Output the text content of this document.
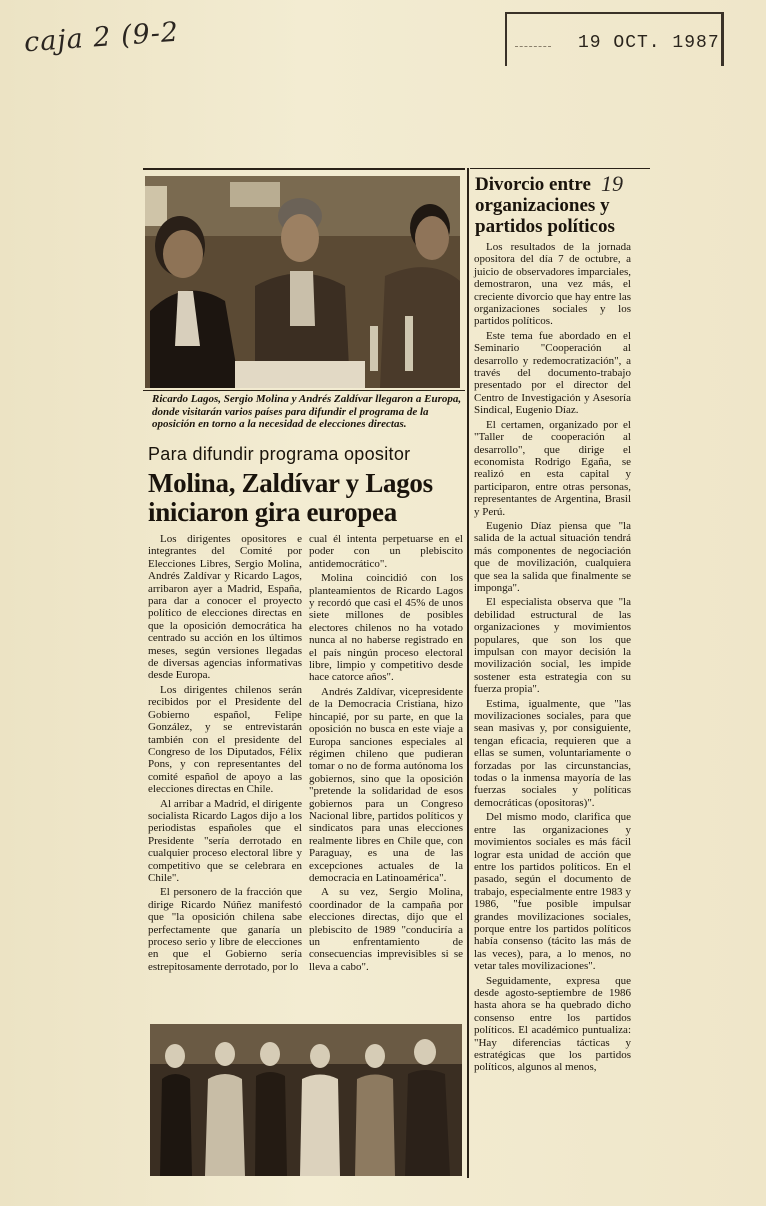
caja 2 (9-2	19 OCT. 1987
Ricardo Lagos, Sergio Molina y Andrés Zaldívar llegaron a Europa, donde visitarán varios países para difundir el programa de la oposición en torno a la necesidad de elecciones directas.
Para difundir programa opositor
Molina, Zaldívar y Lagos iniciaron gira europea

Los dirigentes opositores e integrantes del Comité por Elecciones Libres, Sergio Molina, Andrés Zaldívar y Ricardo Lagos, arribaron ayer a Madrid, España, para dar a conocer el proyecto político de elecciones directas en que la oposición democrática ha centrado su acción en los últimos meses, según versiones llegadas de diversas agencias informativas desde Europa.

Los dirigentes chilenos serán recibidos por el Presidente del Gobierno español, Felipe González, y se entrevistarán también con el presidente del Congreso de los Diputados, Félix Pons, y con representantes del comité español de apoyo a las elecciones directas en Chile.

Al arribar a Madrid, el dirigente socialista Ricardo Lagos dijo a los periodistas españoles que el Presidente "sería derrotado en cualquier proceso electoral libre y competitivo que se celebrara en Chile".

El personero de la fracción que dirige Ricardo Núñez manifestó que "la oposición chilena sabe perfectamente que ganaría un proceso serio y libre de elecciones en que el Gobierno sería estrepitosamente derrotado, por lo

cual él intenta perpetuarse en el poder con un plebiscito antidemocrático".

Molina coincidió con los planteamientos de Ricardo Lagos y recordó que casi el 45% de unos siete millones de posibles electores chilenos no ha votado nunca al no haberse registrado en el país ningún proceso electoral libre, limpio y competitivo desde hace catorce años".

Andrés Zaldívar, vicepresidente de la Democracia Cristiana, hizo hincapié, por su parte, en que la oposición no busca en este viaje a Europa sanciones especiales al régimen chileno que pudieran tomar o no de forma autónoma los gobiernos, sino que la oposición "pretende la solidaridad de esos gobiernos para un Congreso Nacional libre, partidos políticos y sindicatos para unas elecciones realmente libres en Chile que, con Paraguay, es una de las excepciones actuales de la democracia en Latinoamérica".

A su vez, Sergio Molina, coordinador de la campaña por elecciones directas, dijo que el plebiscito de 1989 "conduciría a un enfrentamiento de consecuencias imprevisibles si se lleva a cabo".

Divorcio entre organizaciones y partidos políticos
19

Los resultados de la jornada opositora del día 7 de octubre, a juicio de observadores imparciales, demostraron, una vez más, el creciente divorcio que hay entre las organizaciones sociales y los partidos políticos.

Este tema fue abordado en el Seminario "Cooperación al desarrollo y redemocratización", a través del documento-trabajo presentado por el director del Centro de Investigación y Asesoría Sindical, Eugenio Díaz.

El certamen, organizado por el "Taller de cooperación al desarrollo", que dirige el economista Rodrigo Egaña, se realizó en esta capital y participaron, entre otras personas, representantes de Argentina, Brasil y Perú.

Eugenio Díaz piensa que "la salida de la actual situación tendrá más componentes de negociación que de movilización, cualquiera que sea la salida que finalmente se imponga".

El especialista observa que "la debilidad estructural de las organizaciones y movimientos populares, que son los que impulsan con mayor decisión la movilización social, les impide sostener esta estrategia con su fuerza propia".

Estima, igualmente, que "las movilizaciones sociales, para que sean masivas y, por consiguiente, tengan eficacia, requieren que a ellas se sumen, voluntariamente o forzadas por las circunstancias, todas o la inmensa mayoría de las fuerzas sociales y políticas democráticas (opositoras)".

Del mismo modo, clarifica que entre las organizaciones y movimientos sociales es más fácil lograr esta unidad de acción que entre los partidos políticos. En el pasado, según el documento de trabajo, especialmente entre 1983 y 1986, "fue posible impulsar grandes movilizaciones sociales, porque entre los partidos políticos había consenso (tácito las más de las veces), para, a lo menos, no vetar tales movilizaciones".

Seguidamente, expresa que desde agosto-septiembre de 1986 hasta ahora se ha quebrado dicho consenso entre los partidos políticos. El académico puntualiza: "Hay diferencias tácticas y estratégicas que los partidos políticos, algunos al menos,
